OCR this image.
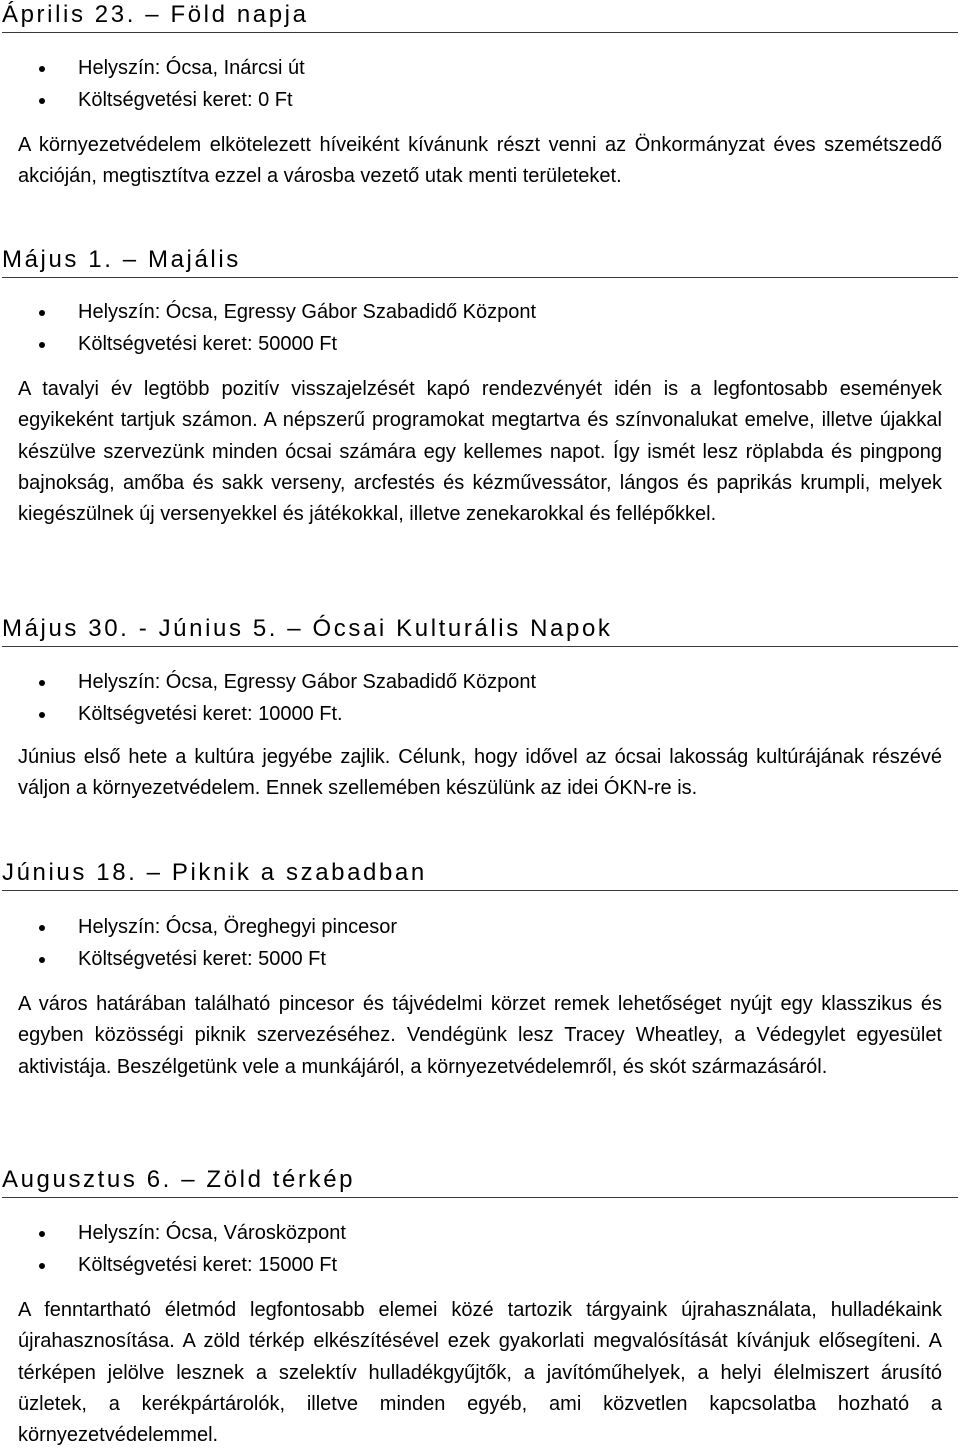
Április 23. – Föld napja
Helyszín: Ócsa, Inárcsi út
Költségvetési keret: 0 Ft

A környezetvédelem elkötelezett híveiként kívánunk részt venni az Önkormányzat éves szemétszedő akcióján, megtisztítva ezzel a városba vezető utak menti területeket.

Május 1. – Majális
Helyszín: Ócsa, Egressy Gábor Szabadidő Központ
Költségvetési keret: 50000 Ft

A tavalyi év legtöbb pozitív visszajelzését kapó rendezvényét idén is a legfontosabb események egyikeként tartjuk számon. A népszerű programokat megtartva és színvonalukat emelve, illetve újakkal készülve szervezünk minden ócsai számára egy kellemes napot. Így ismét lesz röplabda és pingpong bajnokság, amőba és sakk verseny, arcfestés és kézművessátor, lángos és paprikás krumpli, melyek kiegészülnek új versenyekkel és játékokkal, illetve zenekarokkal és fellépőkkel.

Május 30. - Június 5. – Ócsai Kulturális Napok
Helyszín: Ócsa, Egressy Gábor Szabadidő Központ
Költségvetési keret: 10000 Ft.

Június első hete a kultúra jegyébe zajlik. Célunk, hogy idővel az ócsai lakosság kultúrájának részévé váljon a környezetvédelem. Ennek szellemében készülünk az idei ÓKN-re is.

Június 18. – Piknik a szabadban
Helyszín: Ócsa, Öreghegyi pincesor
Költségvetési keret: 5000 Ft

A város határában található pincesor és tájvédelmi körzet remek lehetőséget nyújt egy klasszikus és egyben közösségi piknik szervezéséhez. Vendégünk lesz Tracey Wheatley, a Védegylet egyesület aktivistája. Beszélgetünk vele a munkájáról, a környezetvédelemről, és skót származásáról.

Augusztus 6. – Zöld térkép
Helyszín: Ócsa, Városközpont
Költségvetési keret: 15000 Ft

A fenntartható életmód legfontosabb elemei közé tartozik tárgyaink újrahasználata, hulladékaink újrahasznosítása. A zöld térkép elkészítésével ezek gyakorlati megvalósítását kívánjuk elősegíteni. A térképen jelölve lesznek a szelektív hulladékgyűjtők, a javítóműhelyek, a helyi élelmiszert árusító üzletek, a kerékpártárolók, illetve minden egyéb, ami közvetlen kapcsolatba hozható a környezetvédelemmel.
